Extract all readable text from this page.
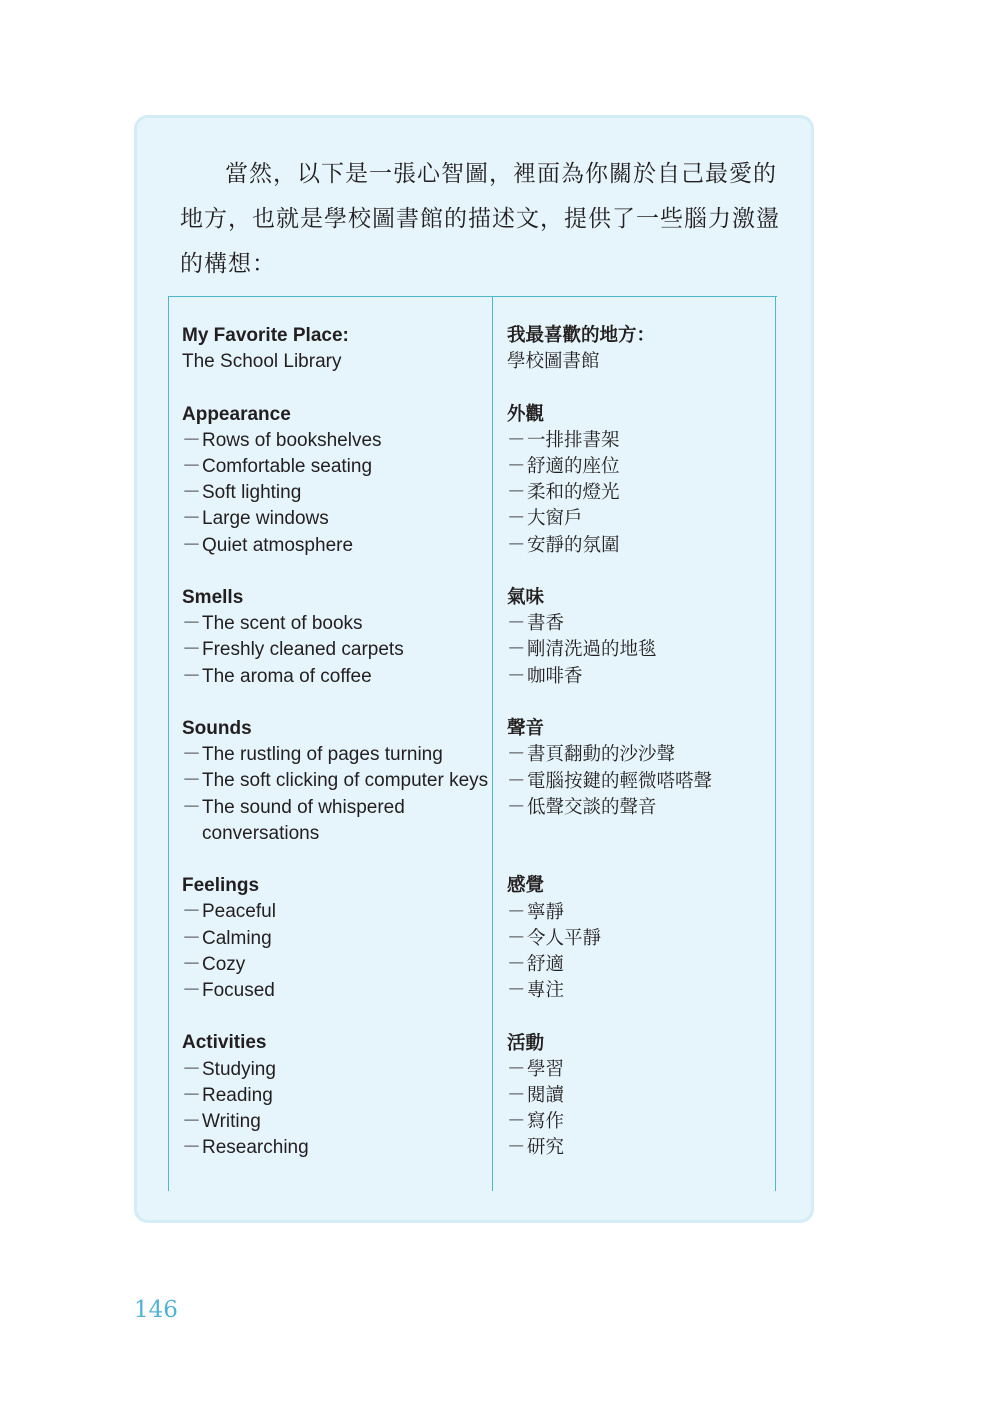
當然，以下是一張心智圖，裡面為你關於自己最愛的地方，也就是學校圖書館的描述文，提供了一些腦力激盪的構想：

My Favorite Place:
The School Library
Appearance
－ Rows of bookshelves
－ Comfortable seating
－ Soft lighting
－ Large windows
－ Quiet atmosphere
Smells
－ The scent of books
－ Freshly cleaned carpets
－ The aroma of coffee
Sounds
－ The rustling of pages turning
－ The soft clicking of computer keys
－ The sound of whispered conversations
Feelings
－ Peaceful
－ Calming
－ Cozy
－ Focused
Activities
－ Studying
－ Reading
－ Writing
－ Researching
我最喜歡的地方：
學校圖書館
外觀
－ 一排排書架
－ 舒適的座位
－ 柔和的燈光
－ 大窗戶
－ 安靜的氛圍
氣味
－ 書香
－ 剛清洗過的地毯
－ 咖啡香
聲音
－ 書頁翻動的沙沙聲
－ 電腦按鍵的輕微嗒嗒聲
－ 低聲交談的聲音
感覺
－ 寧靜
－ 令人平靜
－ 舒適
－ 專注
活動
－ 學習
－ 閱讀
－ 寫作
－ 研究
146
